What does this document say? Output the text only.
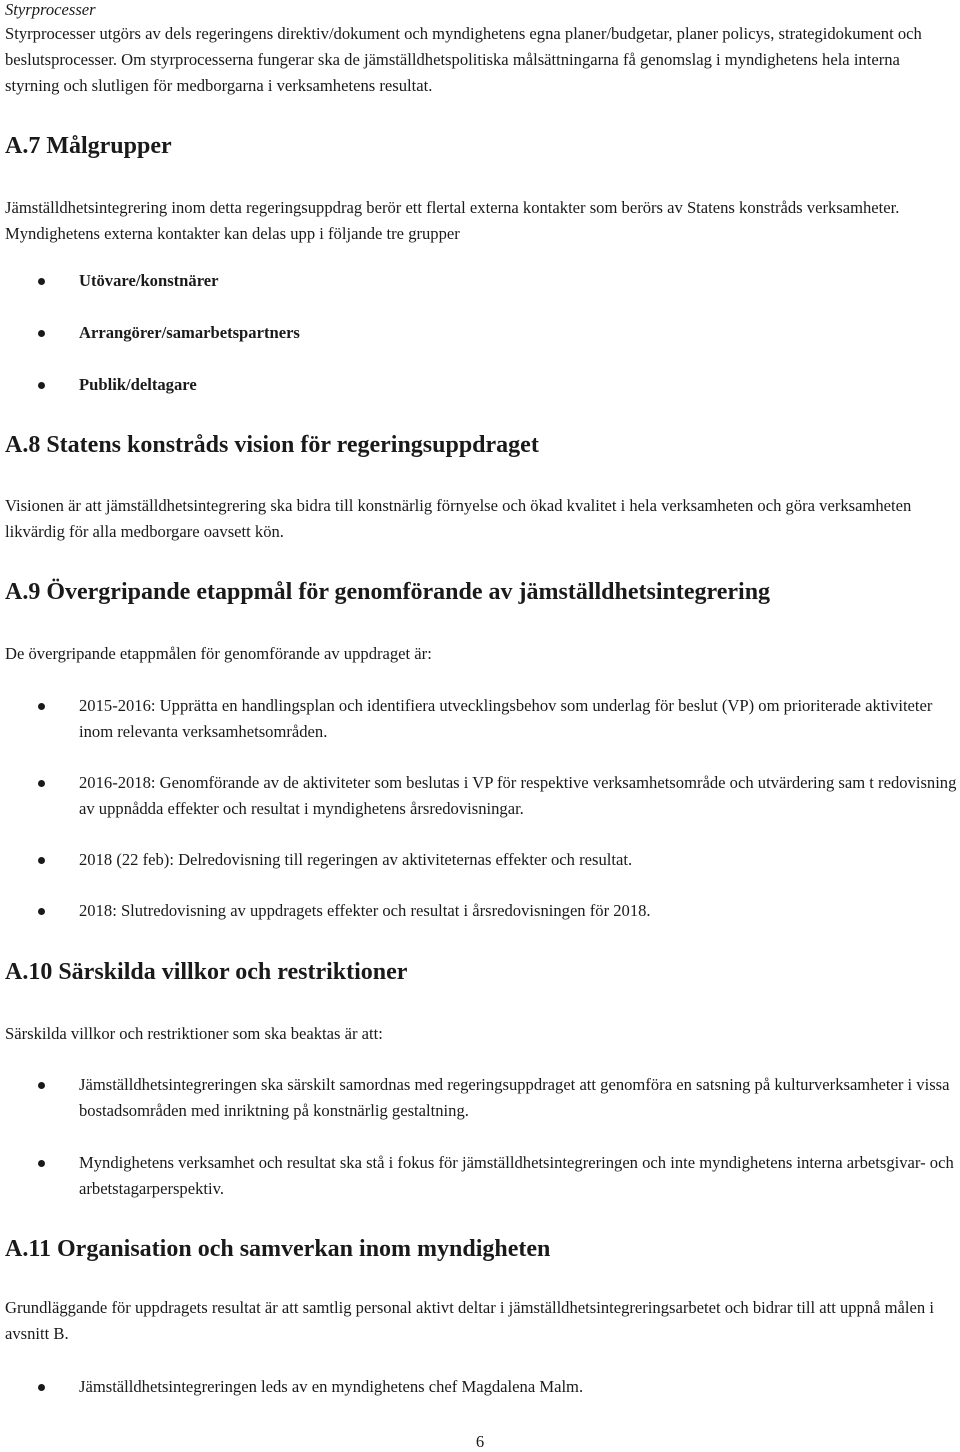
Styrprocesser

Styrprocesser utgörs av dels regeringens direktiv/dokument och myndighetens egna planer/budgetar, planer policys, strategidokument och beslutsprocesser. Om styrprocesserna fungerar ska de jämställdhetspolitiska målsättningarna få genomslag i myndighetens hela interna styrning och slutligen för medborgarna i verksamhetens resultat.

A.7 Målgrupper

Jämställdhetsintegrering inom detta regeringsuppdrag berör ett flertal externa kontakter som berörs av Statens konstråds verksamheter. Myndighetens externa kontakter kan delas upp i följande tre grupper

Utövare/konstnärer

Arrangörer/samarbetspartners

Publik/deltagare

A.8 Statens konstråds vision för regeringsuppdraget

Visionen är att jämställdhetsintegrering ska bidra till konstnärlig förnyelse och ökad kvalitet i hela verksamheten och göra verksamheten likvärdig för alla medborgare oavsett kön.

A.9 Övergripande etappmål för genomförande av jämställdhetsintegrering

De övergripande etappmålen för genomförande av uppdraget är:

2015-2016: Upprätta en handlingsplan och identifiera utvecklingsbehov som underlag för beslut (VP) om prioriterade aktiviteter inom relevanta verksamhetsområden.

2016-2018: Genomförande av de aktiviteter som beslutas i VP för respektive verksamhetsområde och utvärdering sam t redovisning av uppnådda effekter och resultat i myndighetens årsredovisningar.

2018 (22 feb): Delredovisning till regeringen av aktiviteternas effekter och resultat.

2018: Slutredovisning av uppdragets effekter och resultat i årsredovisningen för 2018.

A.10 Särskilda villkor och restriktioner

Särskilda villkor och restriktioner som ska beaktas är att:

Jämställdhetsintegreringen ska särskilt samordnas med regeringsuppdraget att genomföra en satsning på kulturverksamheter i vissa bostadsområden med inriktning på konstnärlig gestaltning.

Myndighetens verksamhet och resultat ska stå i fokus för jämställdhetsintegreringen och inte myndighetens interna arbetsgivar- och arbetstagarperspektiv.

A.11 Organisation och samverkan inom myndigheten

Grundläggande för uppdragets resultat är att samtlig personal aktivt deltar i jämställdhetsintegreringsarbetet och bidrar till att uppnå målen i avsnitt B.

Jämställdhetsintegreringen leds av en myndighetens chef Magdalena Malm.

6
